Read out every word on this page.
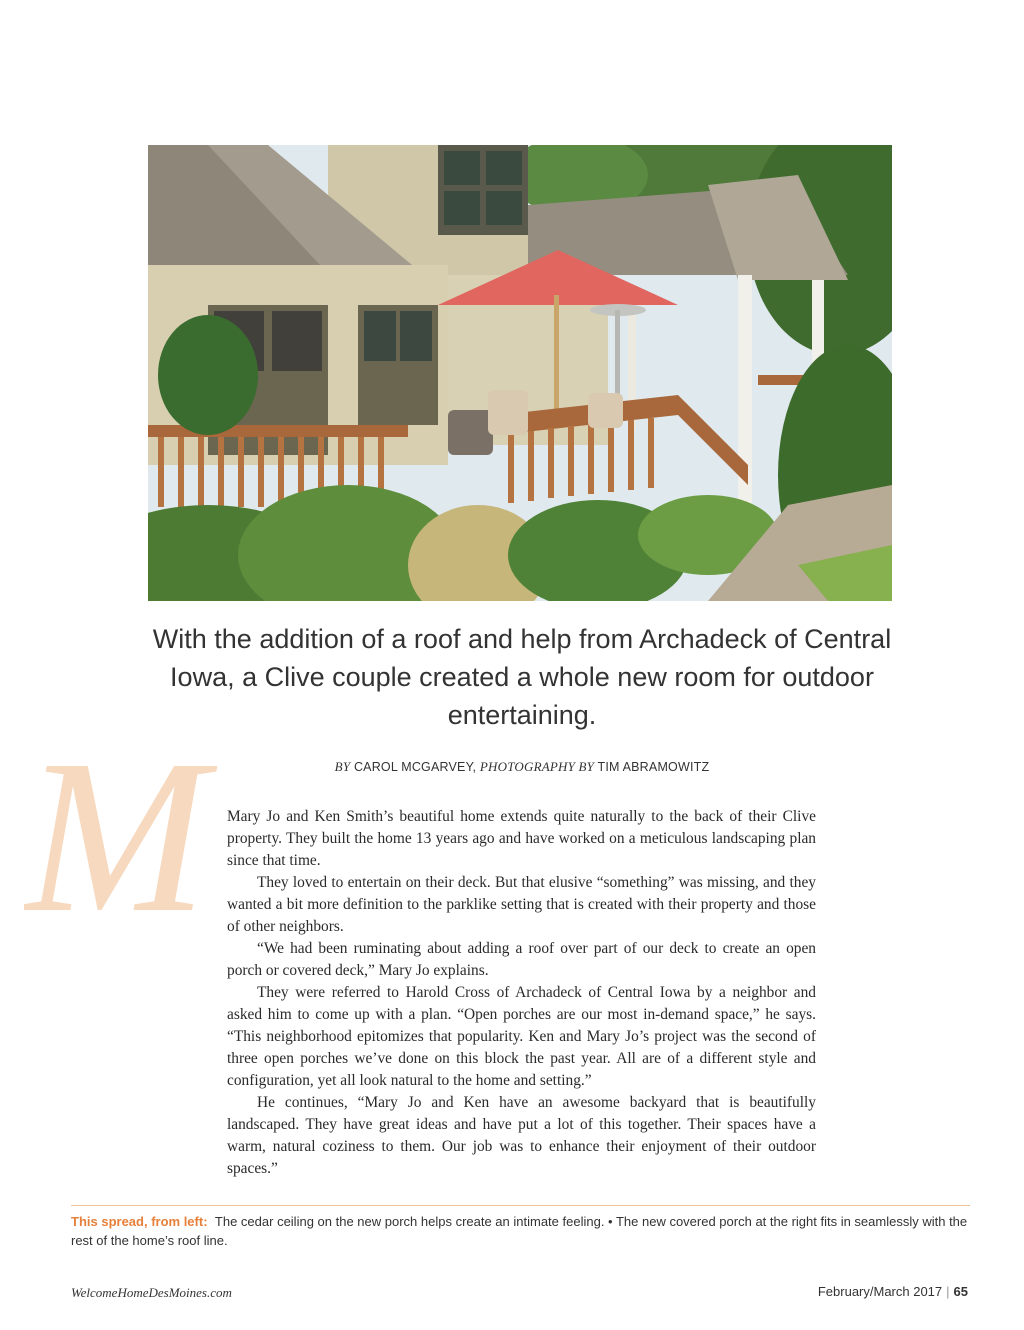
With the addition of a roof and help from Archadeck of Central Iowa, a Clive couple created a whole new room for outdoor entertaining.
BY CAROL MCGARVEY, PHOTOGRAPHY BY TIM ABRAMOWITZ
M	Mary Jo and Ken Smith’s beautiful home extends quite naturally to the back of their Clive property. They built the home 13 years ago and have worked on a meticulous landscaping plan since that time.

They loved to entertain on their deck. But that elusive “something” was missing, and they wanted a bit more definition to the parklike setting that is created with their property and those of other neighbors.

“We had been ruminating about adding a roof over part of our deck to create an open porch or covered deck,” Mary Jo explains.

They were referred to Harold Cross of Archadeck of Central Iowa by a neighbor and asked him to come up with a plan. “Open porches are our most in-demand space,” he says. “This neighborhood epitomizes that popularity. Ken and Mary Jo’s project was the second of three open porches we’ve done on this block the past year. All are of a different style and configuration, yet all look natural to the home and setting.”

He continues, “Mary Jo and Ken have an awesome backyard that is beautifully landscaped. They have great ideas and have put a lot of this together. Their spaces have a warm, natural coziness to them. Our job was to enhance their enjoyment of their outdoor spaces.”

This spread, from left: The cedar ceiling on the new porch helps create an intimate feeling. • The new covered porch at the right fits in seamlessly with the rest of the home’s roof line.
WelcomeHomeDesMoines.com	February/March 2017 | 65
